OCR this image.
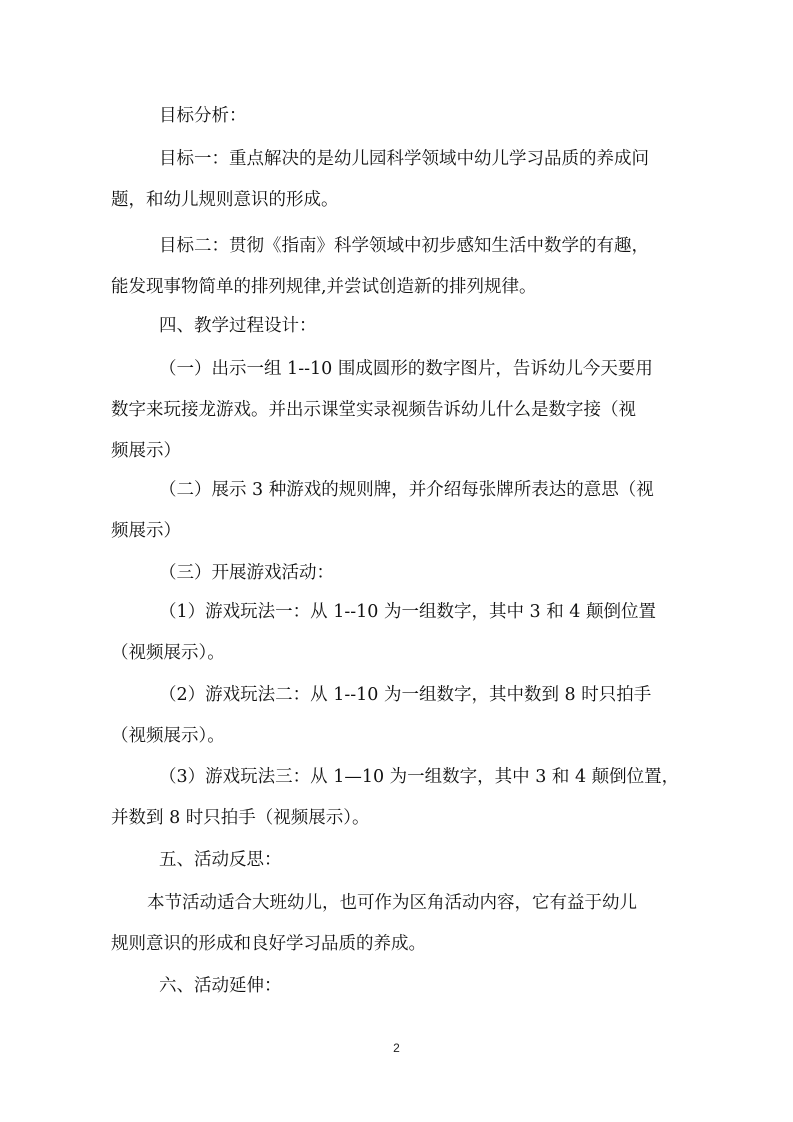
目标分析：
目标一：重点解决的是幼儿园科学领域中幼儿学习品质的养成问
题，和幼儿规则意识的形成。
目标二：贯彻《指南》科学领域中初步感知生活中数学的有趣，
能发现事物简单的排列规律,并尝试创造新的排列规律。
四、教学过程设计：
（一）出示一组 1--10 围成圆形的数字图片，告诉幼儿今天要用
数字来玩接龙游戏。并出示课堂实录视频告诉幼儿什么是数字接（视
频展示）
（二）展示 3 种游戏的规则牌，并介绍每张牌所表达的意思（视
频展示）
（三）开展游戏活动：
（1）游戏玩法一：从 1--10 为一组数字，其中 3 和 4 颠倒位置
（视频展示）。
（2）游戏玩法二：从 1--10 为一组数字，其中数到 8 时只拍手
（视频展示）。
（3）游戏玩法三：从 1—10 为一组数字，其中 3 和 4 颠倒位置，
并数到 8 时只拍手（视频展示）。
五、活动反思：
本节活动适合大班幼儿，也可作为区角活动内容，它有益于幼儿
规则意识的形成和良好学习品质的养成。
六、活动延伸：
2
